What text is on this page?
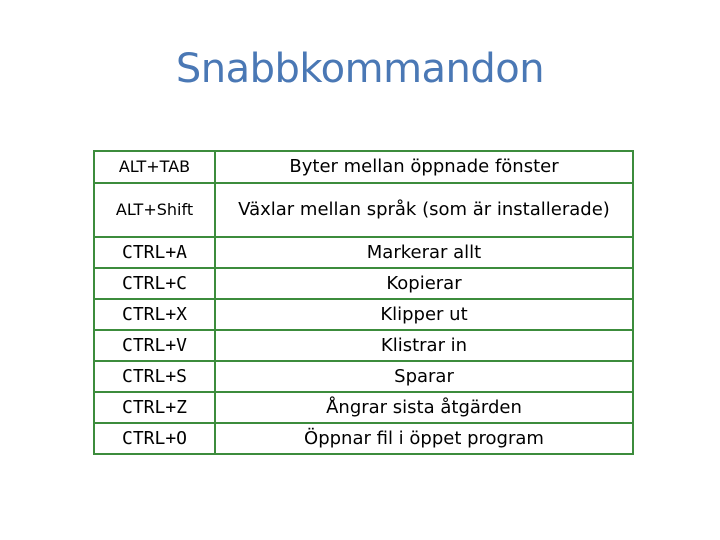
Snabbkommandon
ALT+TAB	Byter mellan öppnade fönster
ALT+Shift	Växlar mellan språk (som är installerade)
CTRL+A	Markerar allt
CTRL+C	Kopierar
CTRL+X	Klipper ut
CTRL+V	Klistrar in
CTRL+S	Sparar
CTRL+Z	Ångrar sista åtgärden
CTRL+O	Öppnar fil i öppet program
